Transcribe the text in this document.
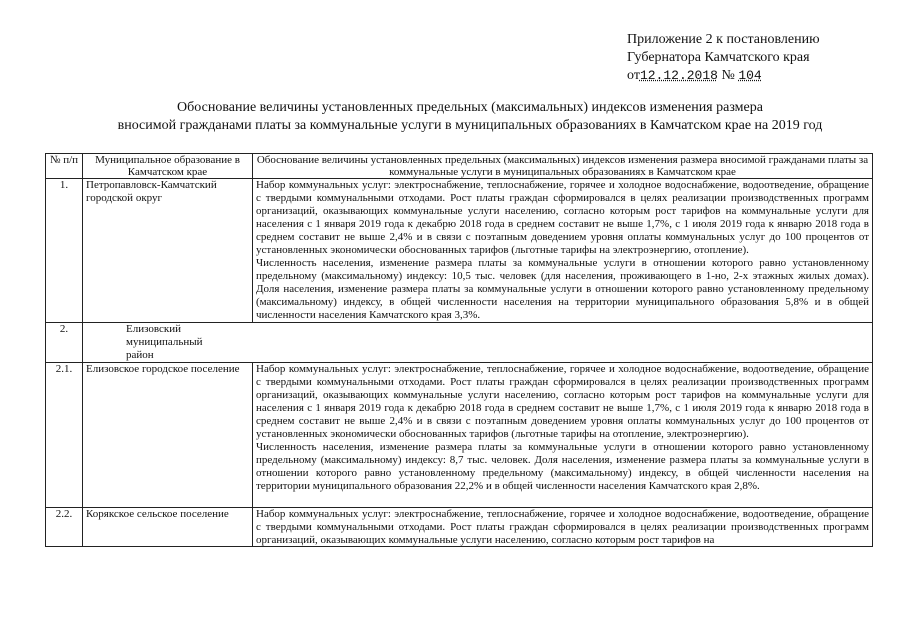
Приложение 2 к постановлению
Губернатора Камчатского края
от12.12.2018 № 104
Обоснование величины установленных предельных (максимальных) индексов изменения размера
вносимой гражданами платы за коммунальные услуги в муниципальных образованиях в Камчатском крае на 2019 год
№ п/п	Муниципальное образование в Камчатском крае	Обоснование величины установленных предельных (максимальных) индексов изменения размера вносимой гражданами платы за коммунальные услуги в муниципальных образованиях в Камчатском крае
1.	Петропавловск-Камчатский городской округ	Набор коммунальных услуг: электроснабжение, теплоснабжение, горячее и холодное водоснабжение, водоотведение, обращение с твердыми коммунальными отходами. Рост платы граждан сформировался в целях реализации производственных программ организаций, оказывающих коммунальные услуги населению, согласно которым рост тарифов на коммунальные услуги для населения с 1 января 2019 года к декабрю 2018 года в среднем составит не выше 1,7%, с 1 июля 2019 года к январю 2018 года в среднем составит не выше 2,4% и в связи с поэтапным доведением уровня оплаты коммунальных услуг до 100 процентов от установленных экономически обоснованных тарифов (льготные тарифы на электроэнергию, отопление).
Численность населения, изменение размера платы за коммунальные услуги в отношении которого равно установленному предельному (максимальному) индексу: 10,5 тыс. человек (для населения, проживающего в 1-но, 2-х этажных жилых домах). Доля населения, изменение размера платы за коммунальные услуги в отношении которого равно установленному предельному (максимальному) индексу, в общей численности населения на территории муниципального образования 5,8% и в общей численности населения Камчатского края 3,3%.

2.	Елизовский муниципальный район	

2.1.	Елизовское городское поселение	Набор коммунальных услуг: электроснабжение, теплоснабжение, горячее и холодное водоснабжение, водоотведение, обращение с твердыми коммунальными отходами. Рост платы граждан сформировался в целях реализации производственных программ организаций, оказывающих коммунальные услуги населению, согласно которым рост тарифов на коммунальные услуги для населения с 1 января 2019 года к декабрю 2018 года в среднем составит не выше 1,7%, с 1 июля 2019 года к январю 2018 года в среднем составит не выше 2,4% и в связи с поэтапным доведением уровня оплаты коммунальных услуг до 100 процентов от установленных экономически обоснованных тарифов (льготные тарифы на отопление, электроэнергию).
Численность населения, изменение размера платы за коммунальные услуги в отношении которого равно установленному предельному (максимальному) индексу: 8,7 тыс. человек. Доля населения, изменение размера платы за коммунальные услуги в отношении которого равно установленному предельному (максимальному) индексу, в общей численности населения на территории муниципального образования 22,2% и в общей численности населения Камчатского края 2,8%.

2.2.	Корякское сельское поселение	Набор коммунальных услуг: электроснабжение, теплоснабжение, горячее и холодное водоснабжение, водоотведение, обращение с твердыми коммунальными отходами. Рост платы граждан сформировался в целях реализации производственных программ организаций, оказывающих коммунальные услуги населению, согласно которым рост тарифов на
